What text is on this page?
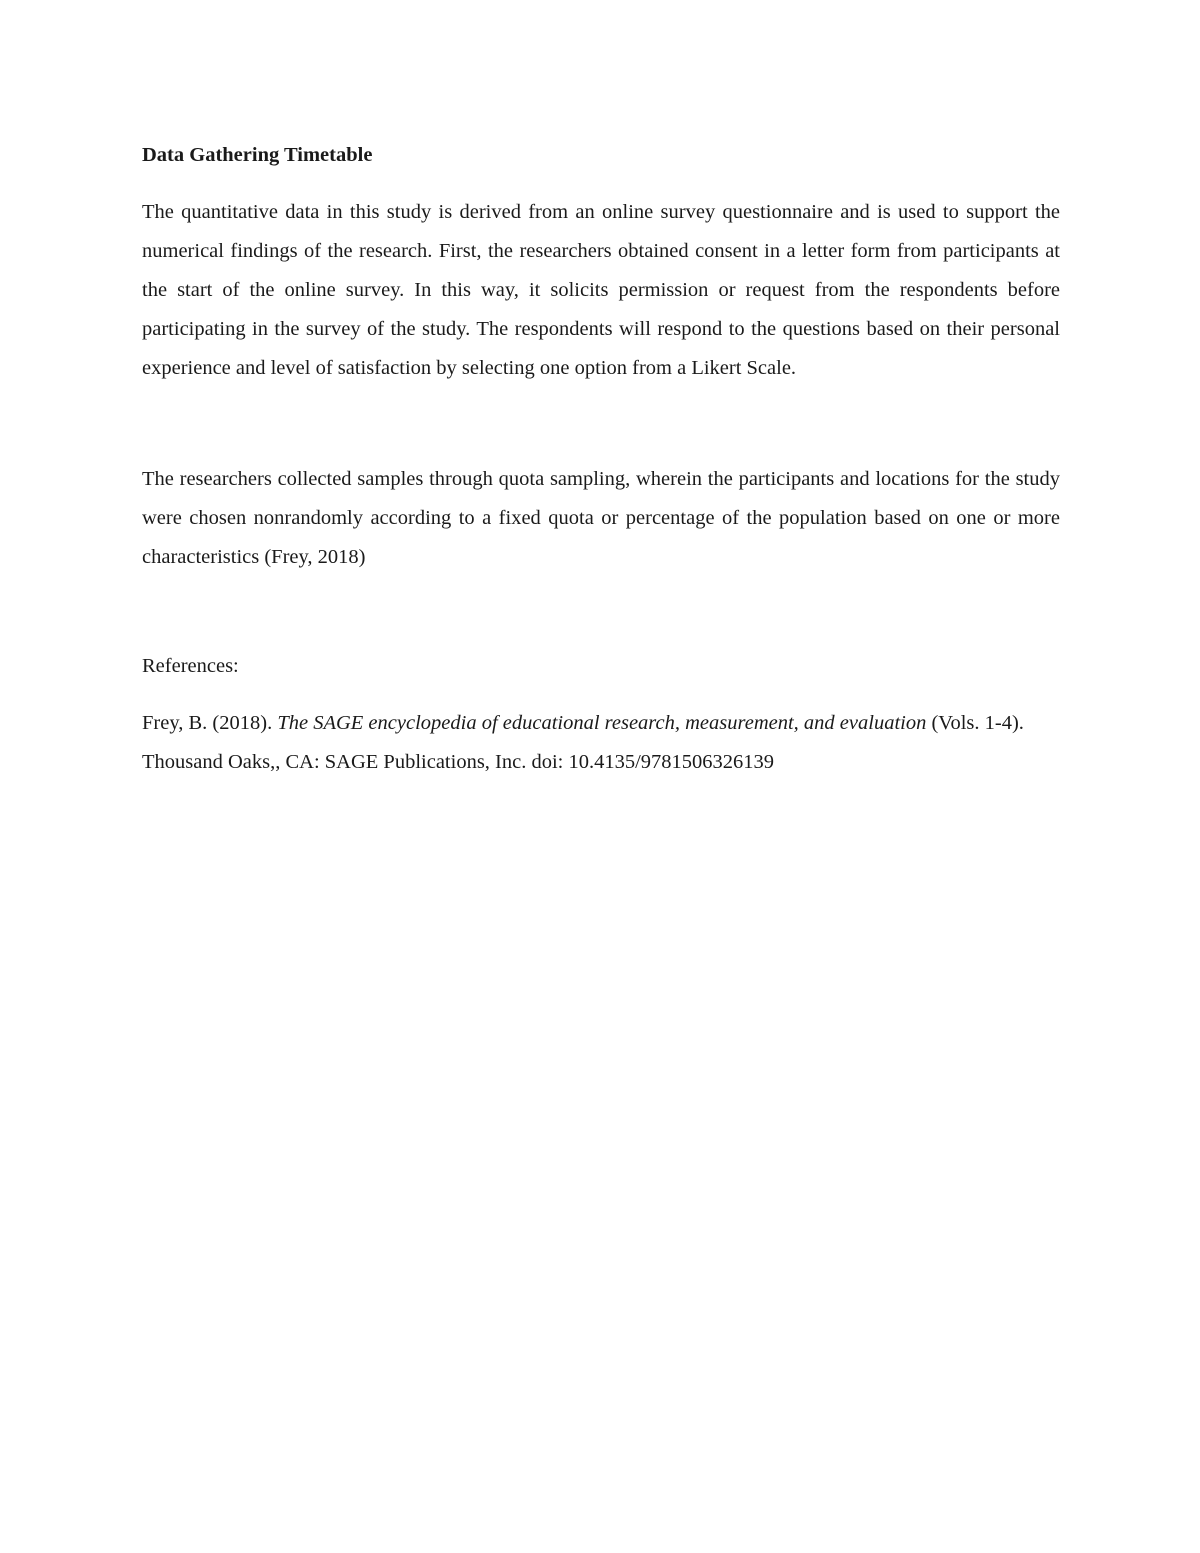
Data Gathering Timetable

The quantitative data in this study is derived from an online survey questionnaire and is used to support the numerical findings of the research. First, the researchers obtained consent in a letter form from participants at the start of the online survey. In this way, it solicits permission or request from the respondents before participating in the survey of the study. The respondents will respond to the questions based on their personal experience and level of satisfaction by selecting one option from a Likert Scale.

The researchers collected samples through quota sampling, wherein the participants and locations for the study were chosen nonrandomly according to a fixed quota or percentage of the population based on one or more characteristics (Frey, 2018)

References:

Frey, B. (2018). The SAGE encyclopedia of educational research, measurement, and evaluation (Vols. 1-4). Thousand Oaks,, CA: SAGE Publications, Inc. doi: 10.4135/9781506326139
